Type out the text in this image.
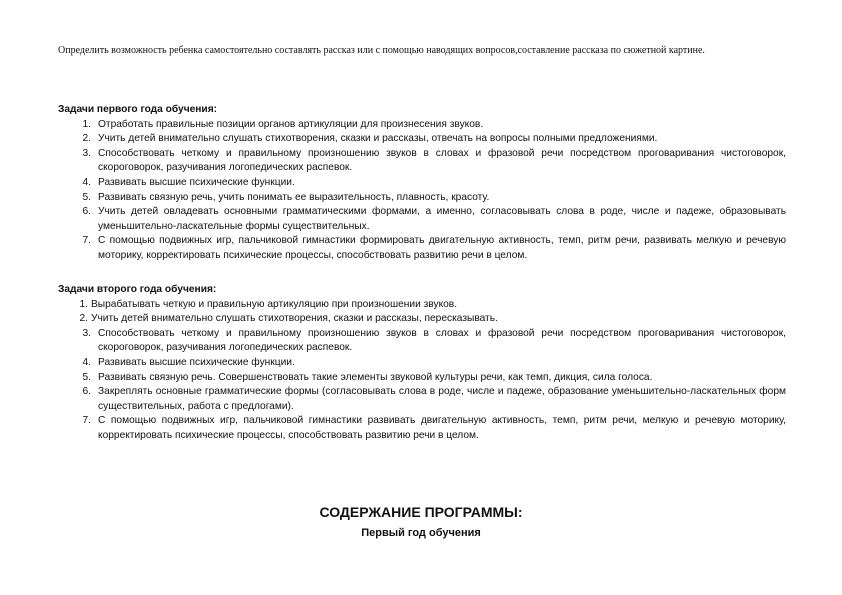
Определить возможность ребенка самостоятельно составлять рассказ или с помощью наводящих вопросов,составление рассказа по сюжетной картине.

Задачи первого года обучения:

1. Отработать правильные позиции органов артикуляции для произнесения звуков.
2. Учить детей внимательно слушать стихотворения, сказки и рассказы, отвечать на вопросы полными предложениями.
3. Способствовать четкому и правильному произношению звуков в словах и фразовой речи посредством проговаривания чистоговорок, скороговорок, разучивания логопедических распевок.
4. Развивать высшие психические функции.
5. Развивать связную речь, учить понимать ее выразительность, плавность, красоту.
6. Учить детей овладевать основными грамматическими формами, а именно, согласовывать слова в роде, числе и падеже, образовывать уменьшительно-ласкательные формы существительных.
7. С помощью подвижных игр, пальчиковой гимнастики формировать двигательную активность, темп, ритм речи, развивать мелкую и речевую моторику, корректировать психические процессы, способствовать развитию речи в целом.

Задачи второго года обучения:

1. Вырабатывать четкую и правильную артикуляцию при произношении звуков.
2. Учить детей внимательно слушать стихотворения, сказки и рассказы, пересказывать.
3. Способствовать четкому и правильному произношению звуков в словах и фразовой речи посредством проговаривания чистоговорок, скороговорок, разучивания логопедических распевок.
4. Развивать высшие психические функции.
5. Развивать связную речь. Совершенствовать такие элементы звуковой культуры речи, как темп, дикция, сила голоса.
6. Закреплять основные грамматические формы (согласовывать слова в роде, числе и падеже, образование уменьшительно-ласкательных форм существительных, работа с предлогами).
7. С помощью подвижных игр, пальчиковой гимнастики развивать двигательную активность, темп, ритм речи, мелкую и речевую моторику, корректировать психические процессы, способствовать развитию речи в целом.
СОДЕРЖАНИЕ ПРОГРАММЫ:
Первый год обучения
